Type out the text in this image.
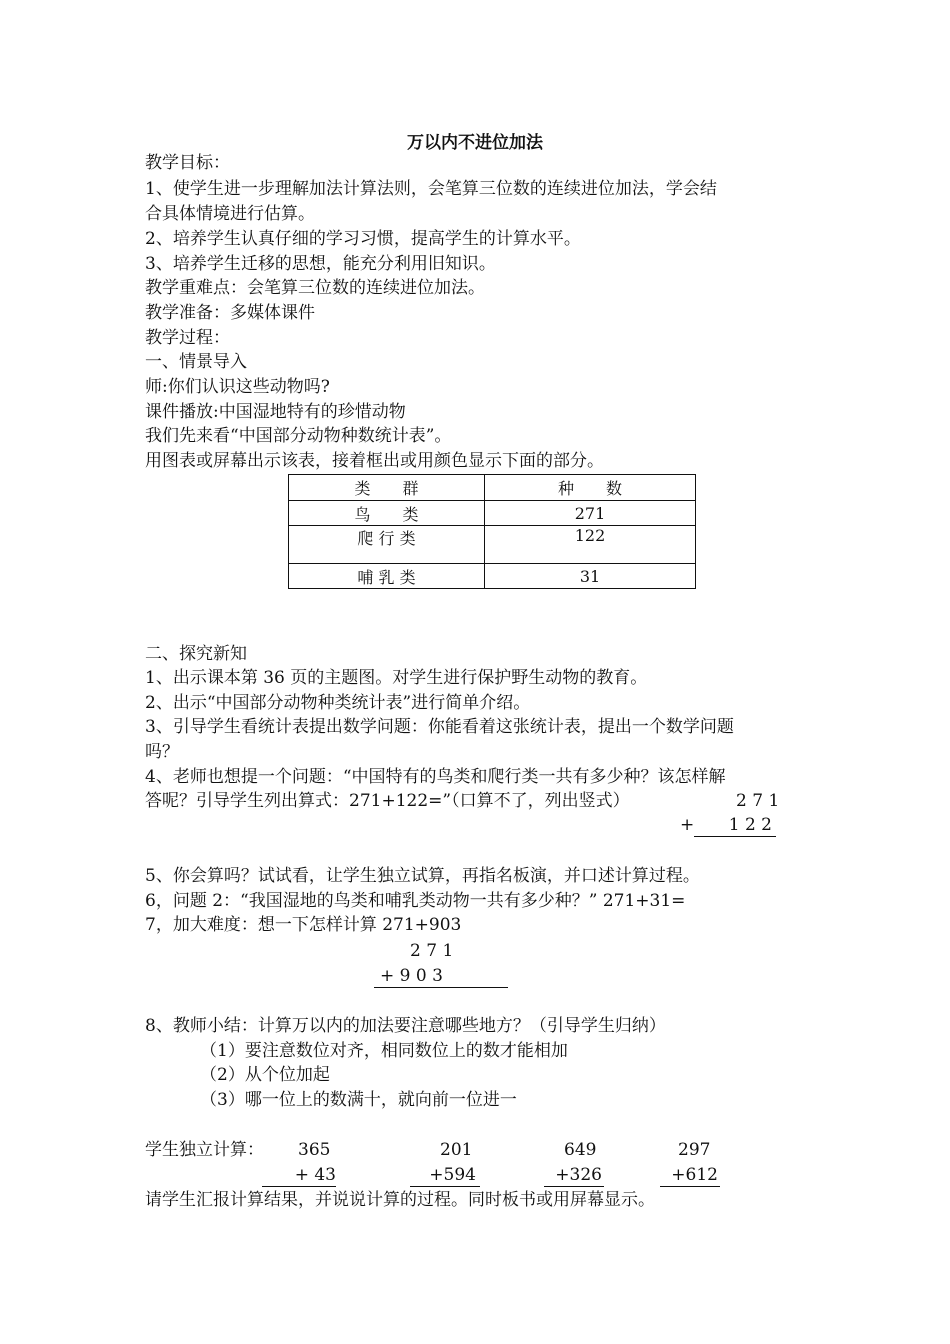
万以内不进位加法
教学目标：
1、使学生进一步理解加法计算法则，会笔算三位数的连续进位加法，学会结
合具体情境进行估算。
2、培养学生认真仔细的学习习惯，提高学生的计算水平。
3、培养学生迁移的思想，能充分利用旧知识。
教学重难点：会笔算三位数的连续进位加法。
教学准备：多媒体课件
教学过程：
一、情景导入
师:你们认识这些动物吗?
课件播放:中国湿地特有的珍惜动物
我们先来看“中国部分动物种数统计表”。
用图表或屏幕出示该表，接着框出或用颜色显示下面的部分。
类　　群	种　　数
鸟　　类	271
爬 行 类	122
哺 乳 类	31
二、探究新知
1、出示课本第 36 页的主题图。对学生进行保护野生动物的教育。
2、出示“中国部分动物种类统计表”进行简单介绍。
3、引导学生看统计表提出数学问题：你能看着这张统计表，提出一个数学问题
吗？
4、老师也想提一个问题：“中国特有的鸟类和爬行类一共有多少种？该怎样解
答呢？引导学生列出算式：271+122=”（口算不了，列出竖式）	2 7 1
+	1 2 2
5、你会算吗？试试看，让学生独立试算，再指名板演，并口述计算过程。
6，问题 2：“我国湿地的鸟类和哺乳类动物一共有多少种？” 271+31=
7，加大难度：想一下怎样计算 271+903
2 7 1
+ 9 0 3
8、教师小结：计算万以内的加法要注意哪些地方？（引导学生归纳）
（1）要注意数位对齐，相同数位上的数才能相加
（2）从个位加起
（3）哪一位上的数满十，就向前一位进一
学生独立计算： 365
+ 43
201
+594
649
+326
297
+612
请学生汇报计算结果，并说说计算的过程。同时板书或用屏幕显示。
